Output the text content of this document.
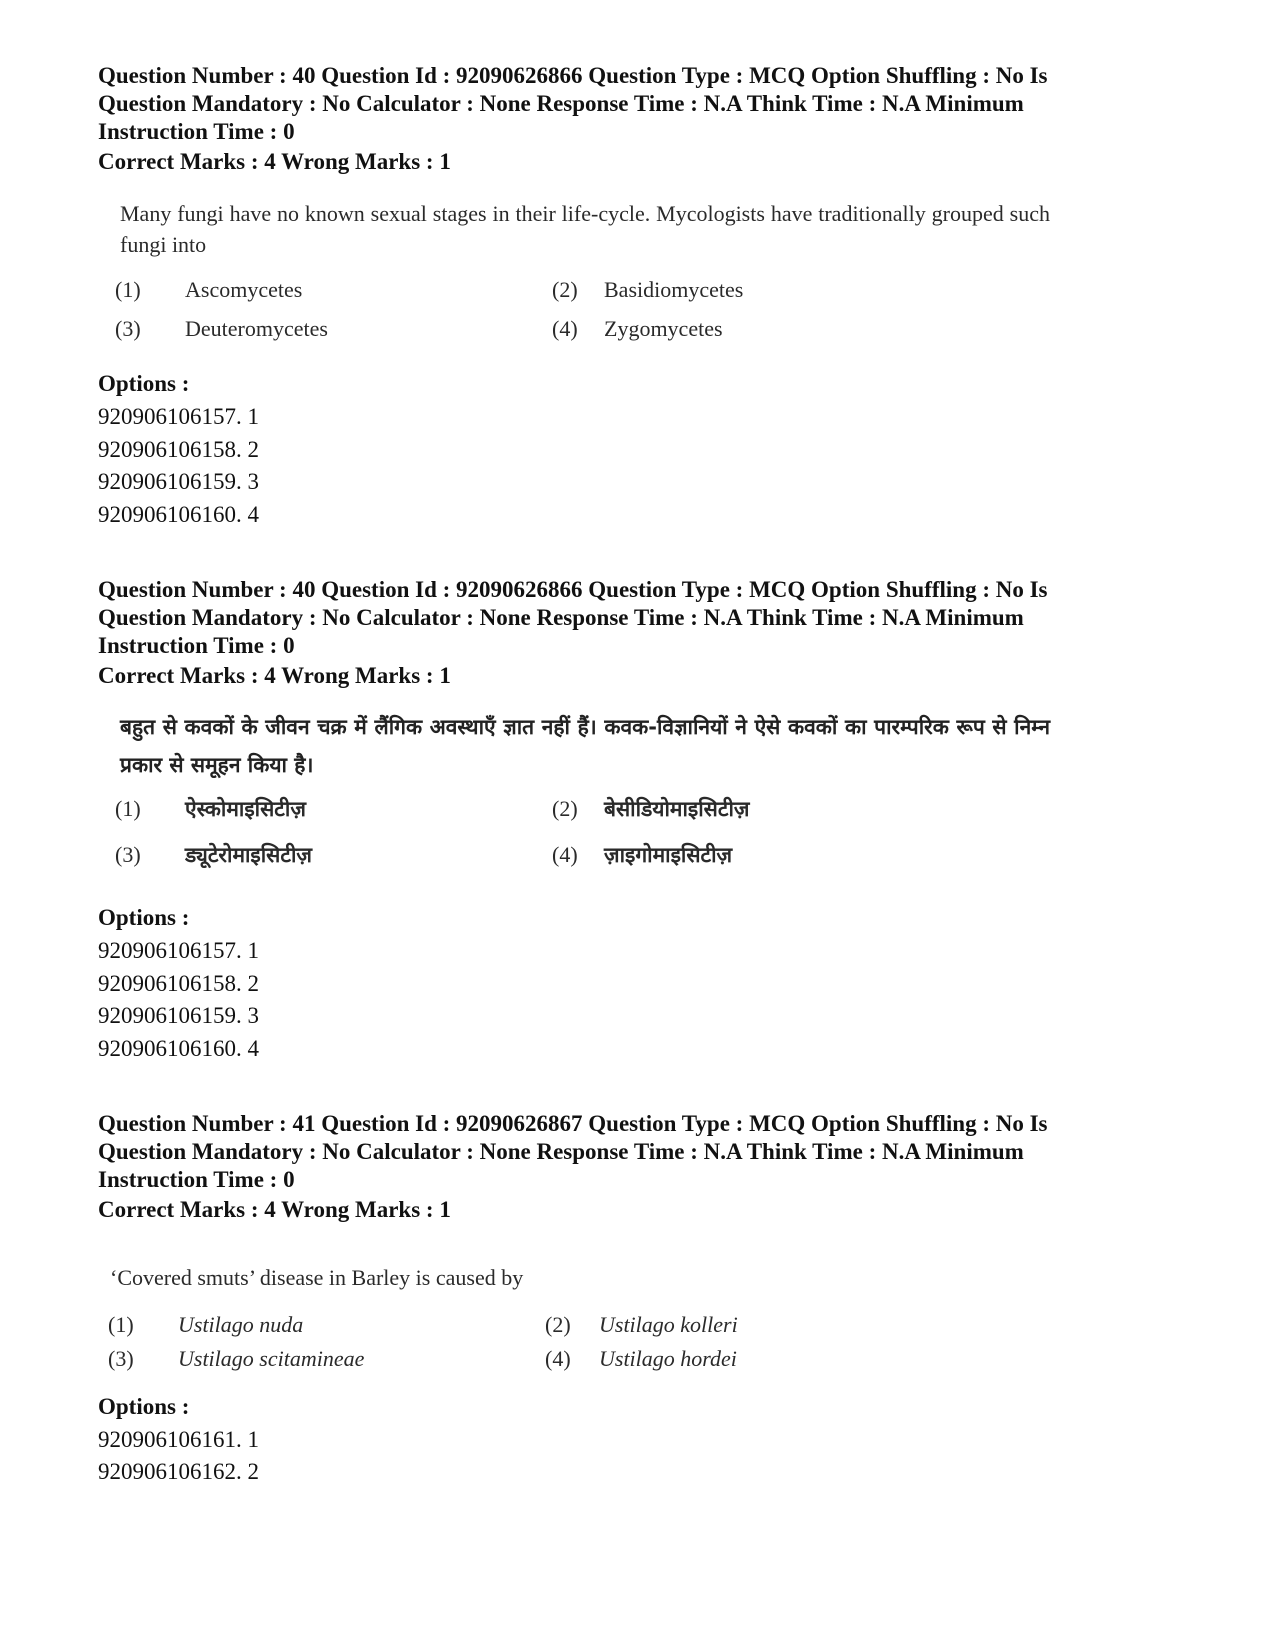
Question Number : 40 Question Id : 92090626866 Question Type : MCQ Option Shuffling : No Is Question Mandatory : No Calculator : None Response Time : N.A Think Time : N.A Minimum Instruction Time : 0
Correct Marks : 4 Wrong Marks : 1
Many fungi have no known sexual stages in their life-cycle. Mycologists have traditionally grouped such fungi into
(1) Ascomycetes	(2) Basidiomycetes
(3) Deuteromycetes	(4) Zygomycetes
Options :
920906106157. 1
920906106158. 2
920906106159. 3
920906106160. 4
Question Number : 40 Question Id : 92090626866 Question Type : MCQ Option Shuffling : No Is Question Mandatory : No Calculator : None Response Time : N.A Think Time : N.A Minimum Instruction Time : 0
Correct Marks : 4 Wrong Marks : 1
बहुत से कवकों के जीवन चक्र में लैंगिक अवस्थाएँ ज्ञात नहीं हैं। कवक-विज्ञानियों ने ऐसे कवकों का पारम्परिक रूप से निम्न प्रकार से समूहन किया है।
(1) ऐस्कोमाइसिटीज़	(2) बेसीडियोमाइसिटीज़
(3) ड्यूटेरोमाइसिटीज़	(4) ज़ाइगोमाइसिटीज़
Options :
920906106157. 1
920906106158. 2
920906106159. 3
920906106160. 4
Question Number : 41 Question Id : 92090626867 Question Type : MCQ Option Shuffling : No Is Question Mandatory : No Calculator : None Response Time : N.A Think Time : N.A Minimum Instruction Time : 0
Correct Marks : 4 Wrong Marks : 1
‘Covered smuts’ disease in Barley is caused by
(1) Ustilago nuda	(2) Ustilago kolleri
(3) Ustilago scitamineae	(4) Ustilago hordei
Options :
920906106161. 1
920906106162. 2
